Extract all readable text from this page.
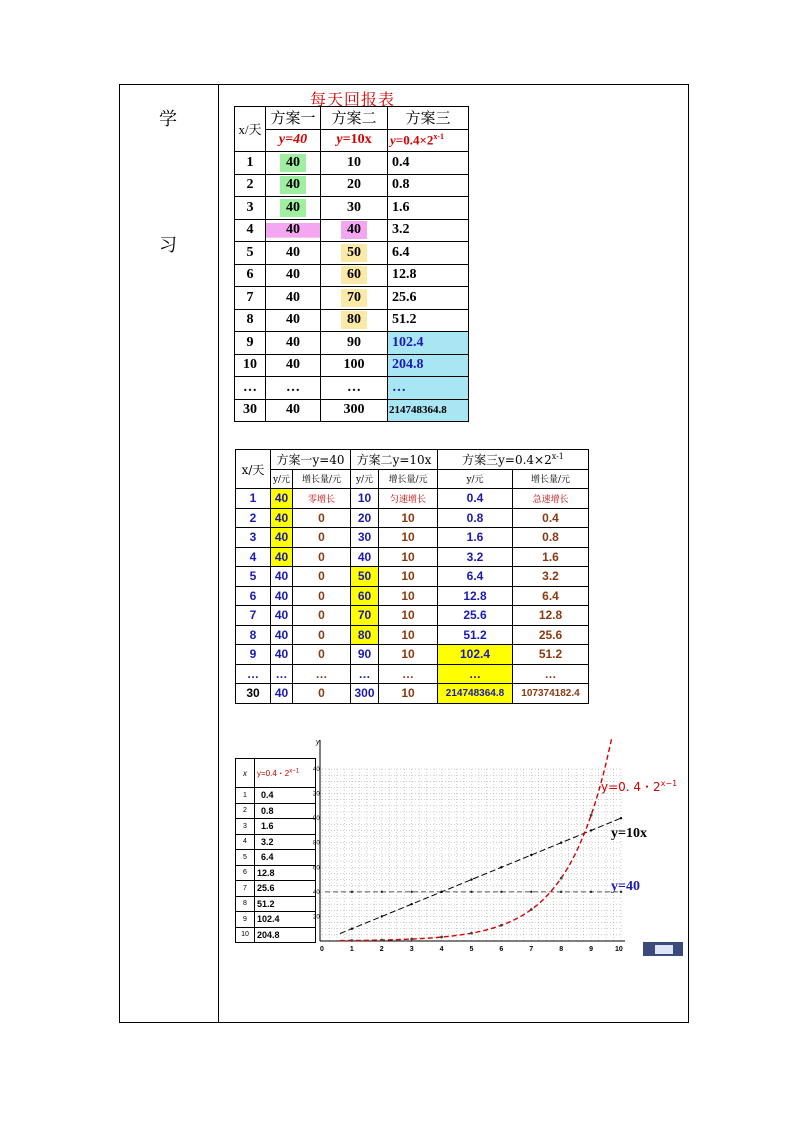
学
习
每天回报表
x/天	方案一	方案二	方案三
	y=40	y=10x	$y=0.4\times 2^{x-1}$
1	40	10	0.4
2	40	20	0.8
3	40	30	1.6
4	40	40	3.2
5	40	50	6.4
6	40	60	12.8
7	40	70	25.6
8	40	80	51.2
9	40	90	102.4
10	40	100	204.8
…	…	…	…
30	40	300	214748364.8
x/天	方案一y=40		方案二y=10x		方案三$y=0.4\times 2^{x-1}$
	y/元	增长量/元	y/元	增长量/元	y/元	增长量/元
1	40	零增长	10	匀速增长	0.4	急速增长
2	40	0	20	10	0.8	0.4
3	40	0	30	10	1.6	0.8
4	40	0	40	10	3.2	1.6
5	40	0	50	10	6.4	3.2
6	40	0	60	10	12.8	6.4
7	40	0	70	10	25.6	12.8
8	40	0	80	10	51.2	25.6
9	40	0	90	10	102.4	51.2
…	…	…	…	…	…	…
30	40	0	300	10	214748364.8	107374182.4
x	y=0.4・$2^{x-1}$
1	0.4
2	0.8
3	1.6
4	3.2
5	6.4
6	12.8
7	25.6
8	51.2
9	102.4
10	204.8
y
0	1	2	3	4	5	6	7	8	9	10
20
40
60
80
00
20
40
y=10x
y=40
y=0. 4・$2^{x-1}$
